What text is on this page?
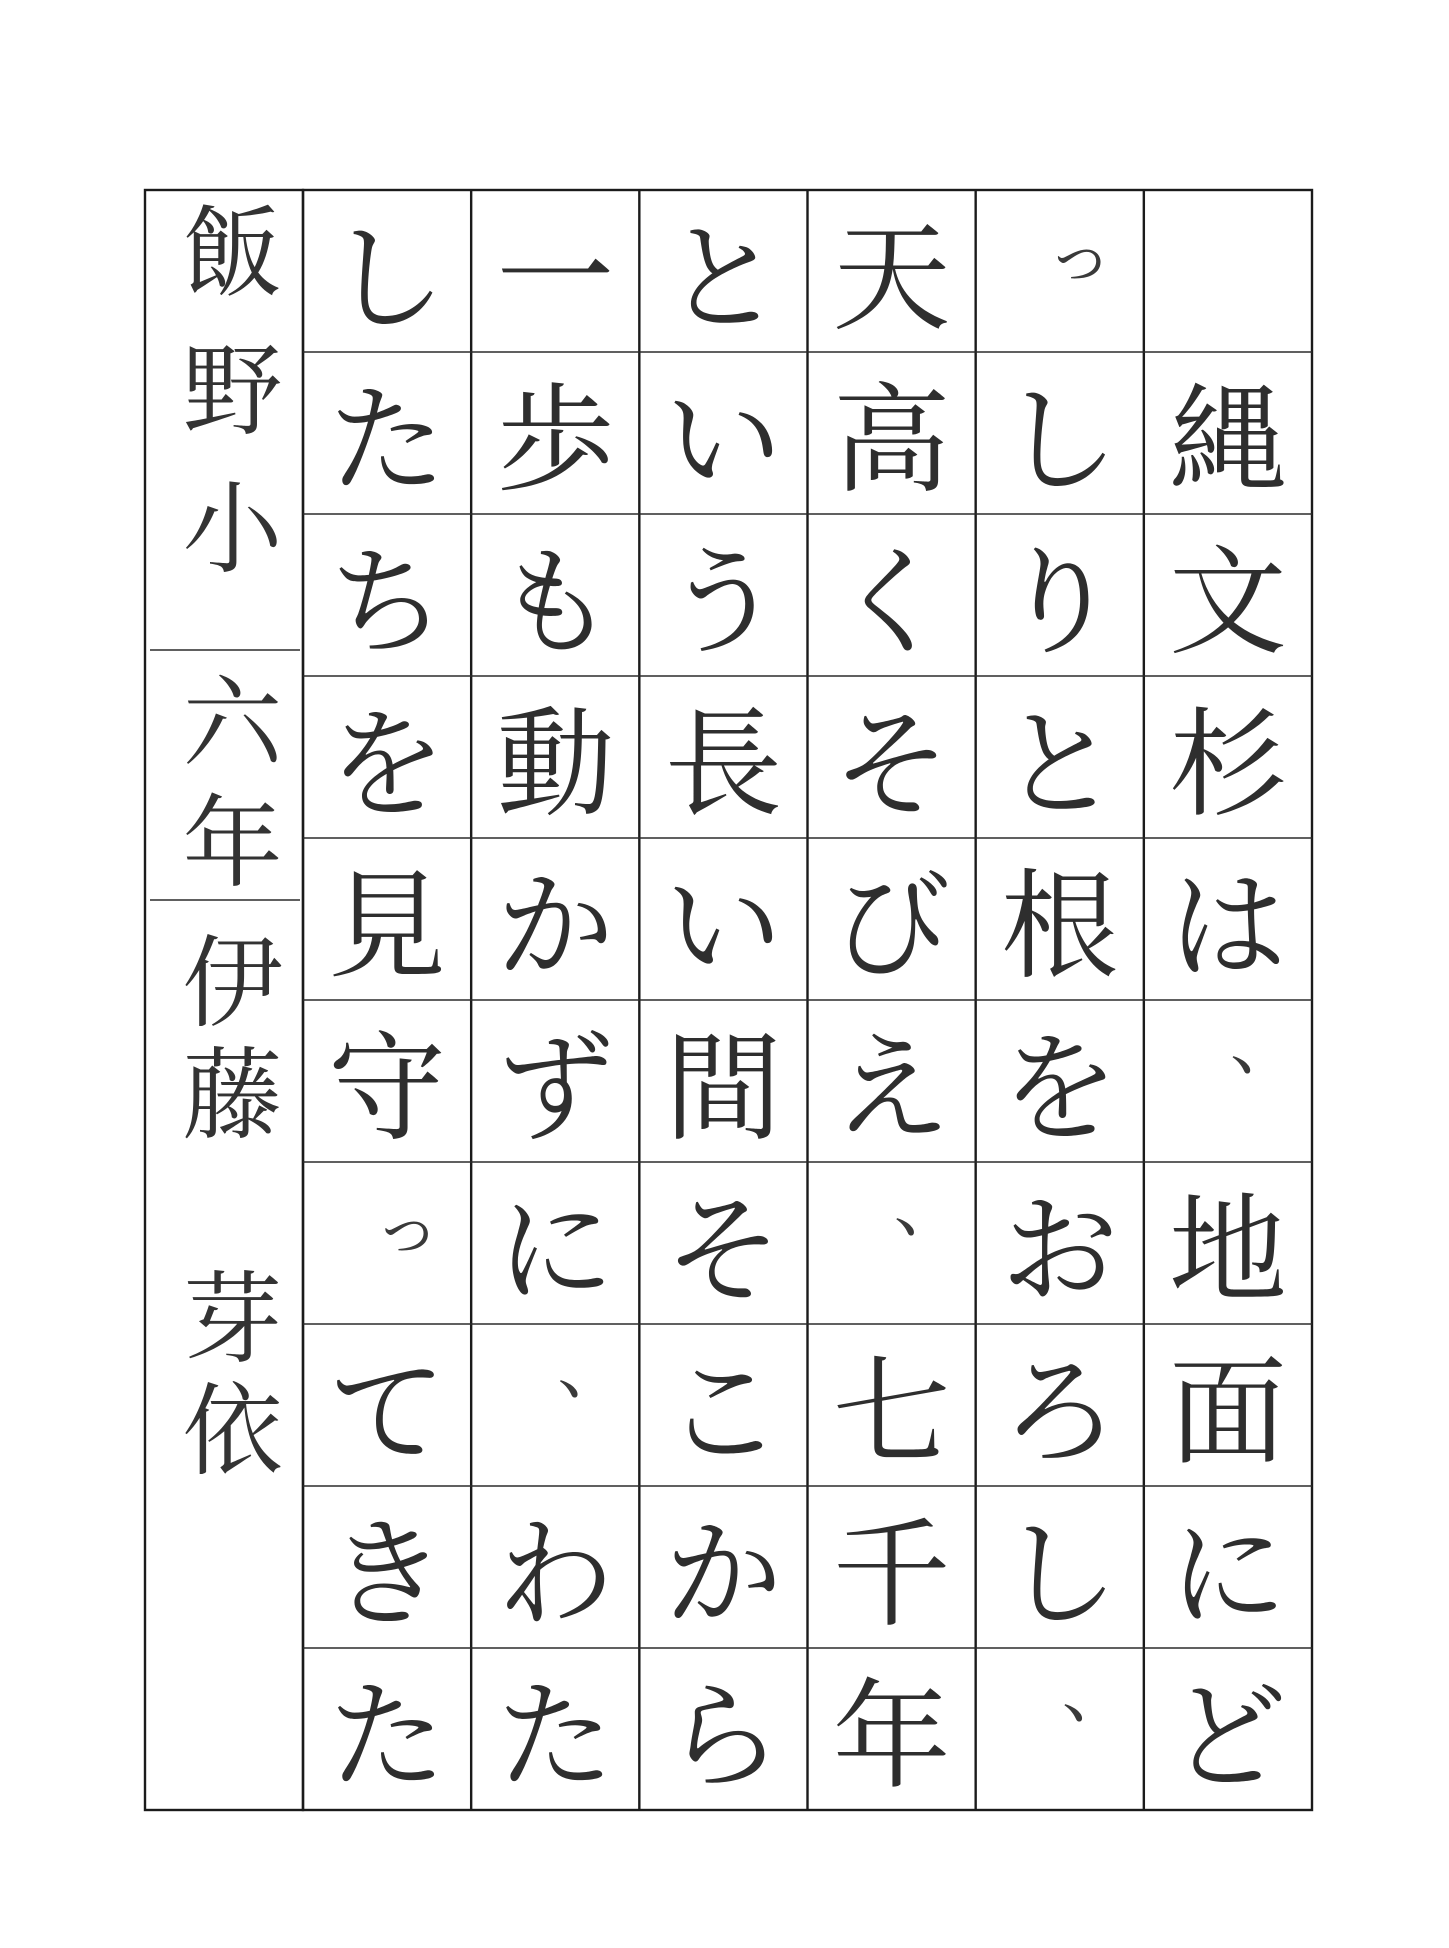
飯野小
六年
伊藤　芽依
縄
文
杉
は
、
地
面
に
ど
っ
し
り
と
根
を
お
ろ
し
、
天
高
く
そ
び
え
、
七
千
年
と
い
う
長
い
間
そ
こ
か
ら
一
歩
も
動
か
ず
に
、
わ
た
し
た
ち
を
見
守
っ
て
き
た
